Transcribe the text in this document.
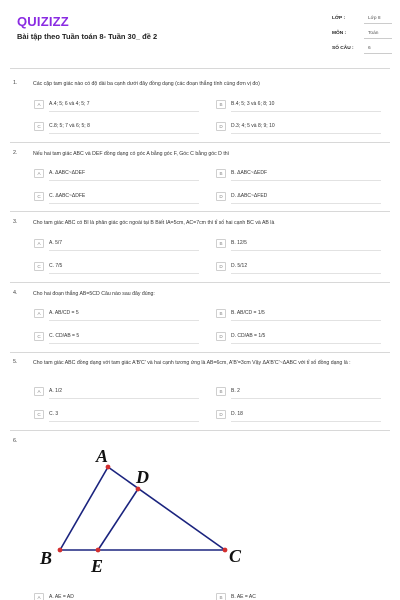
QUIZIZZ
Bài tập theo Tuần toán 8- Tuần 30_ đề 2
LỚP :	Lớp 8
MÔN :	Toán
SỐ CÂU :	6
1.	Các cặp tam giác nào có độ dài ba cạnh dưới đây đồng dạng (các đoạn thẳng tính cùng đơn vị đo)
A	A.4; 5; 6 và 4; 5; 7	B	B.4; 5; 3 và 6; 8; 10
C	C.8; 5; 7 và 6; 5; 8	D	D.3; 4; 5 và 8; 9; 10
2.	Nếu hai tam giác ABC và DEF đồng dạng có góc A bằng góc F, Góc C bằng góc D thì
A	A. ΔABC~ΔDEF	B	B. ΔABC~ΔEDF
C	C. ΔABC~ΔDFE	D	D. ΔABC~ΔFED
3.	Cho tam giác ABC có BI là phân giác góc ngoài tại B Biết IA=5cm, AC=7cm thì tỉ số hai cạnh BC và AB là
A	A. 5/7	B	B. 12/5
C	C. 7/5	D	D. 5/12
4.	Cho hai đoạn thẳng AB=5CD Câu nào sau đây đúng:
A	A. AB/CD = 5	B	B. AB/CD = 1/5
C	C. CD/AB = 5	D	D. CD/AB = 1/5
5.	Cho tam giác ABC đồng dạng với tam giác A'B'C' và hai cạnh tương ứng là AB=6cm, A'B'=3cm Vậy ΔA'B'C'~ΔABC với tỉ số đồng dạng là :
A	A. 1/2	B	B. 2
C	C. 3	D	D. 18
6.
A
B	C
D
E
A	A. AE = AD	B	B. AE = AC
